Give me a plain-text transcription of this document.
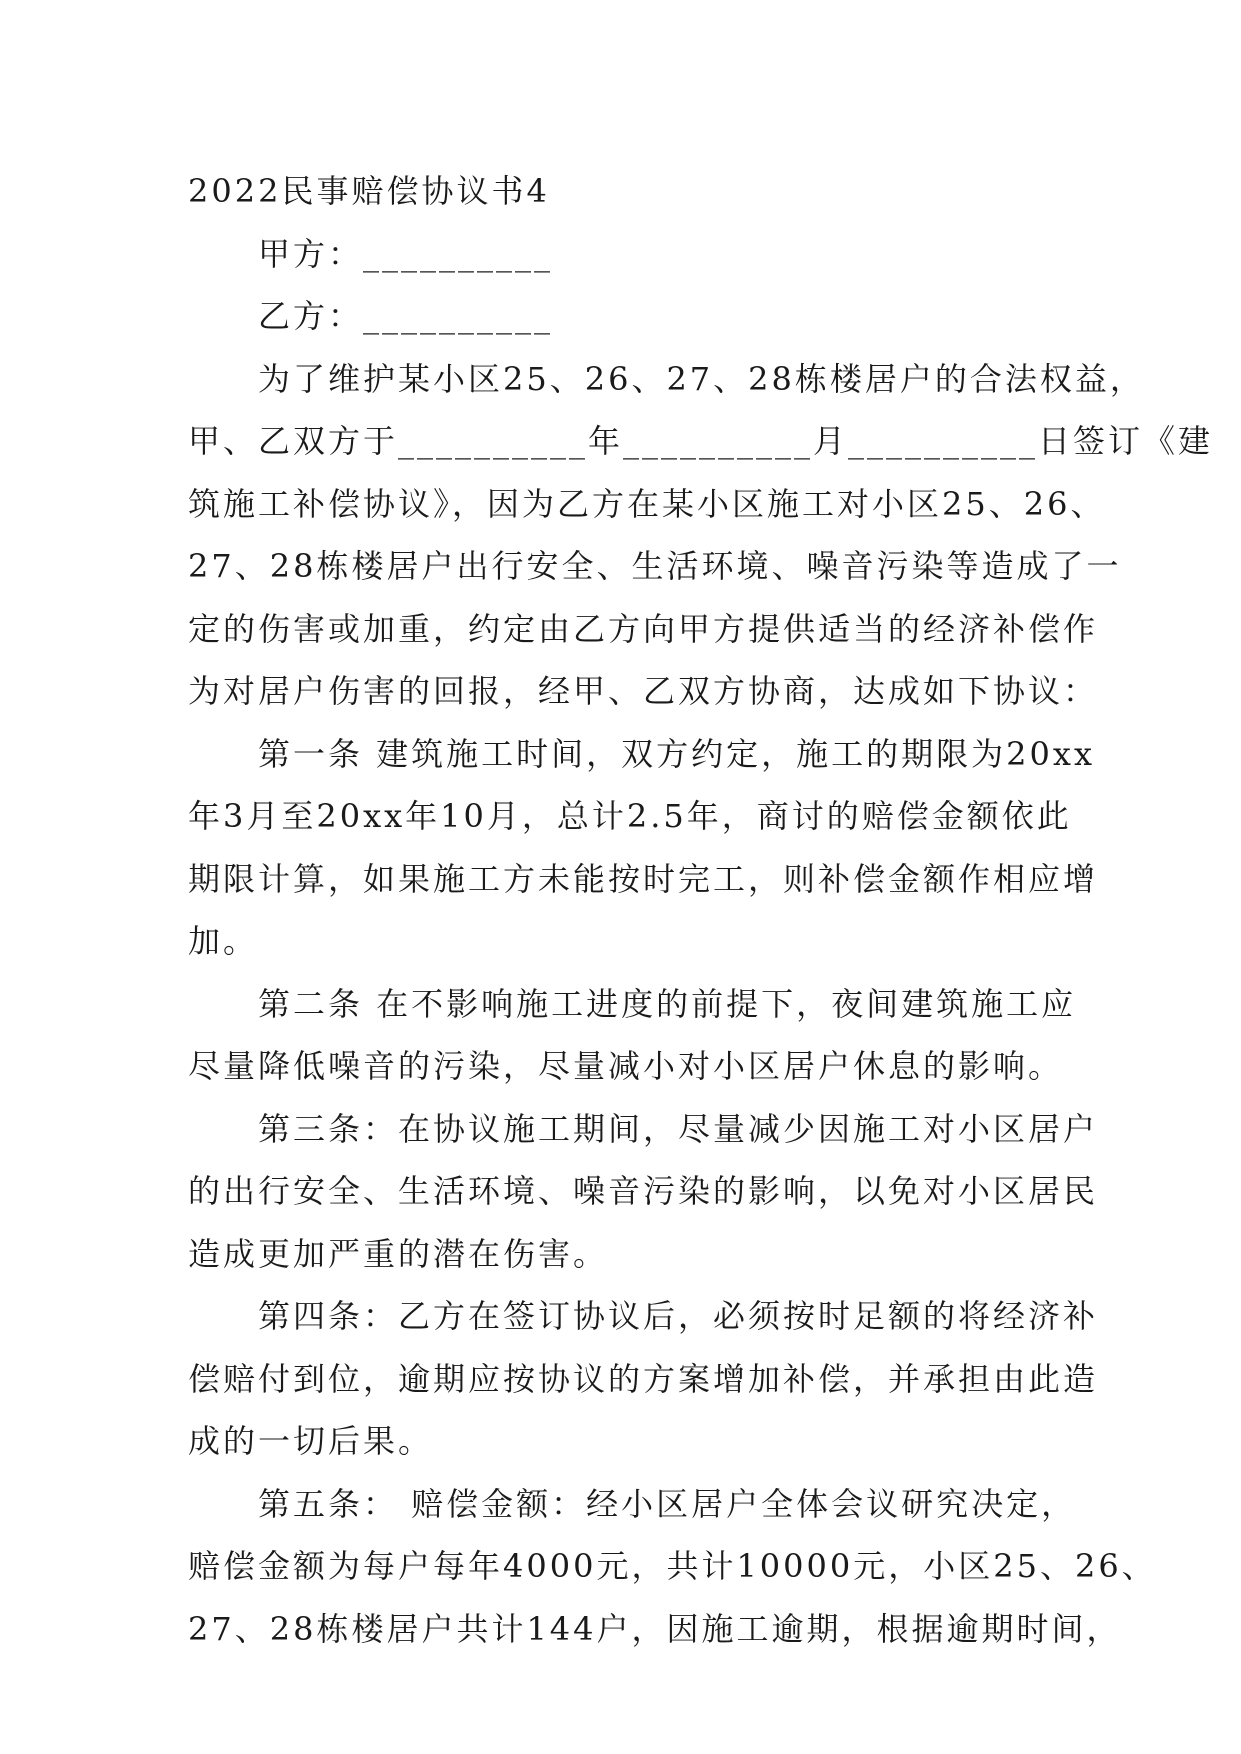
2022民事赔偿协议书4
甲方：__________
乙方：__________
为了维护某小区25、26、27、28栋楼居户的合法权益，
甲、乙双方于__________年__________月__________日签订《建
筑施工补偿协议》，因为乙方在某小区施工对小区25、26、
27、28栋楼居户出行安全、生活环境、噪音污染等造成了一
定的伤害或加重，约定由乙方向甲方提供适当的经济补偿作
为对居户伤害的回报，经甲、乙双方协商，达成如下协议：
第一条 建筑施工时间，双方约定，施工的期限为20xx
年3月至20xx年10月，总计2.5年，商讨的赔偿金额依此
期限计算，如果施工方未能按时完工，则补偿金额作相应增
加。
第二条 在不影响施工进度的前提下，夜间建筑施工应
尽量降低噪音的污染，尽量减小对小区居户休息的影响。
第三条：在协议施工期间，尽量减少因施工对小区居户
的出行安全、生活环境、噪音污染的影响，以免对小区居民
造成更加严重的潜在伤害。
第四条：乙方在签订协议后，必须按时足额的将经济补
偿赔付到位，逾期应按协议的方案增加补偿，并承担由此造
成的一切后果。
第五条： 赔偿金额：经小区居户全体会议研究决定，
赔偿金额为每户每年4000元，共计10000元，小区25、26、
27、28栋楼居户共计144户，因施工逾期，根据逾期时间，
